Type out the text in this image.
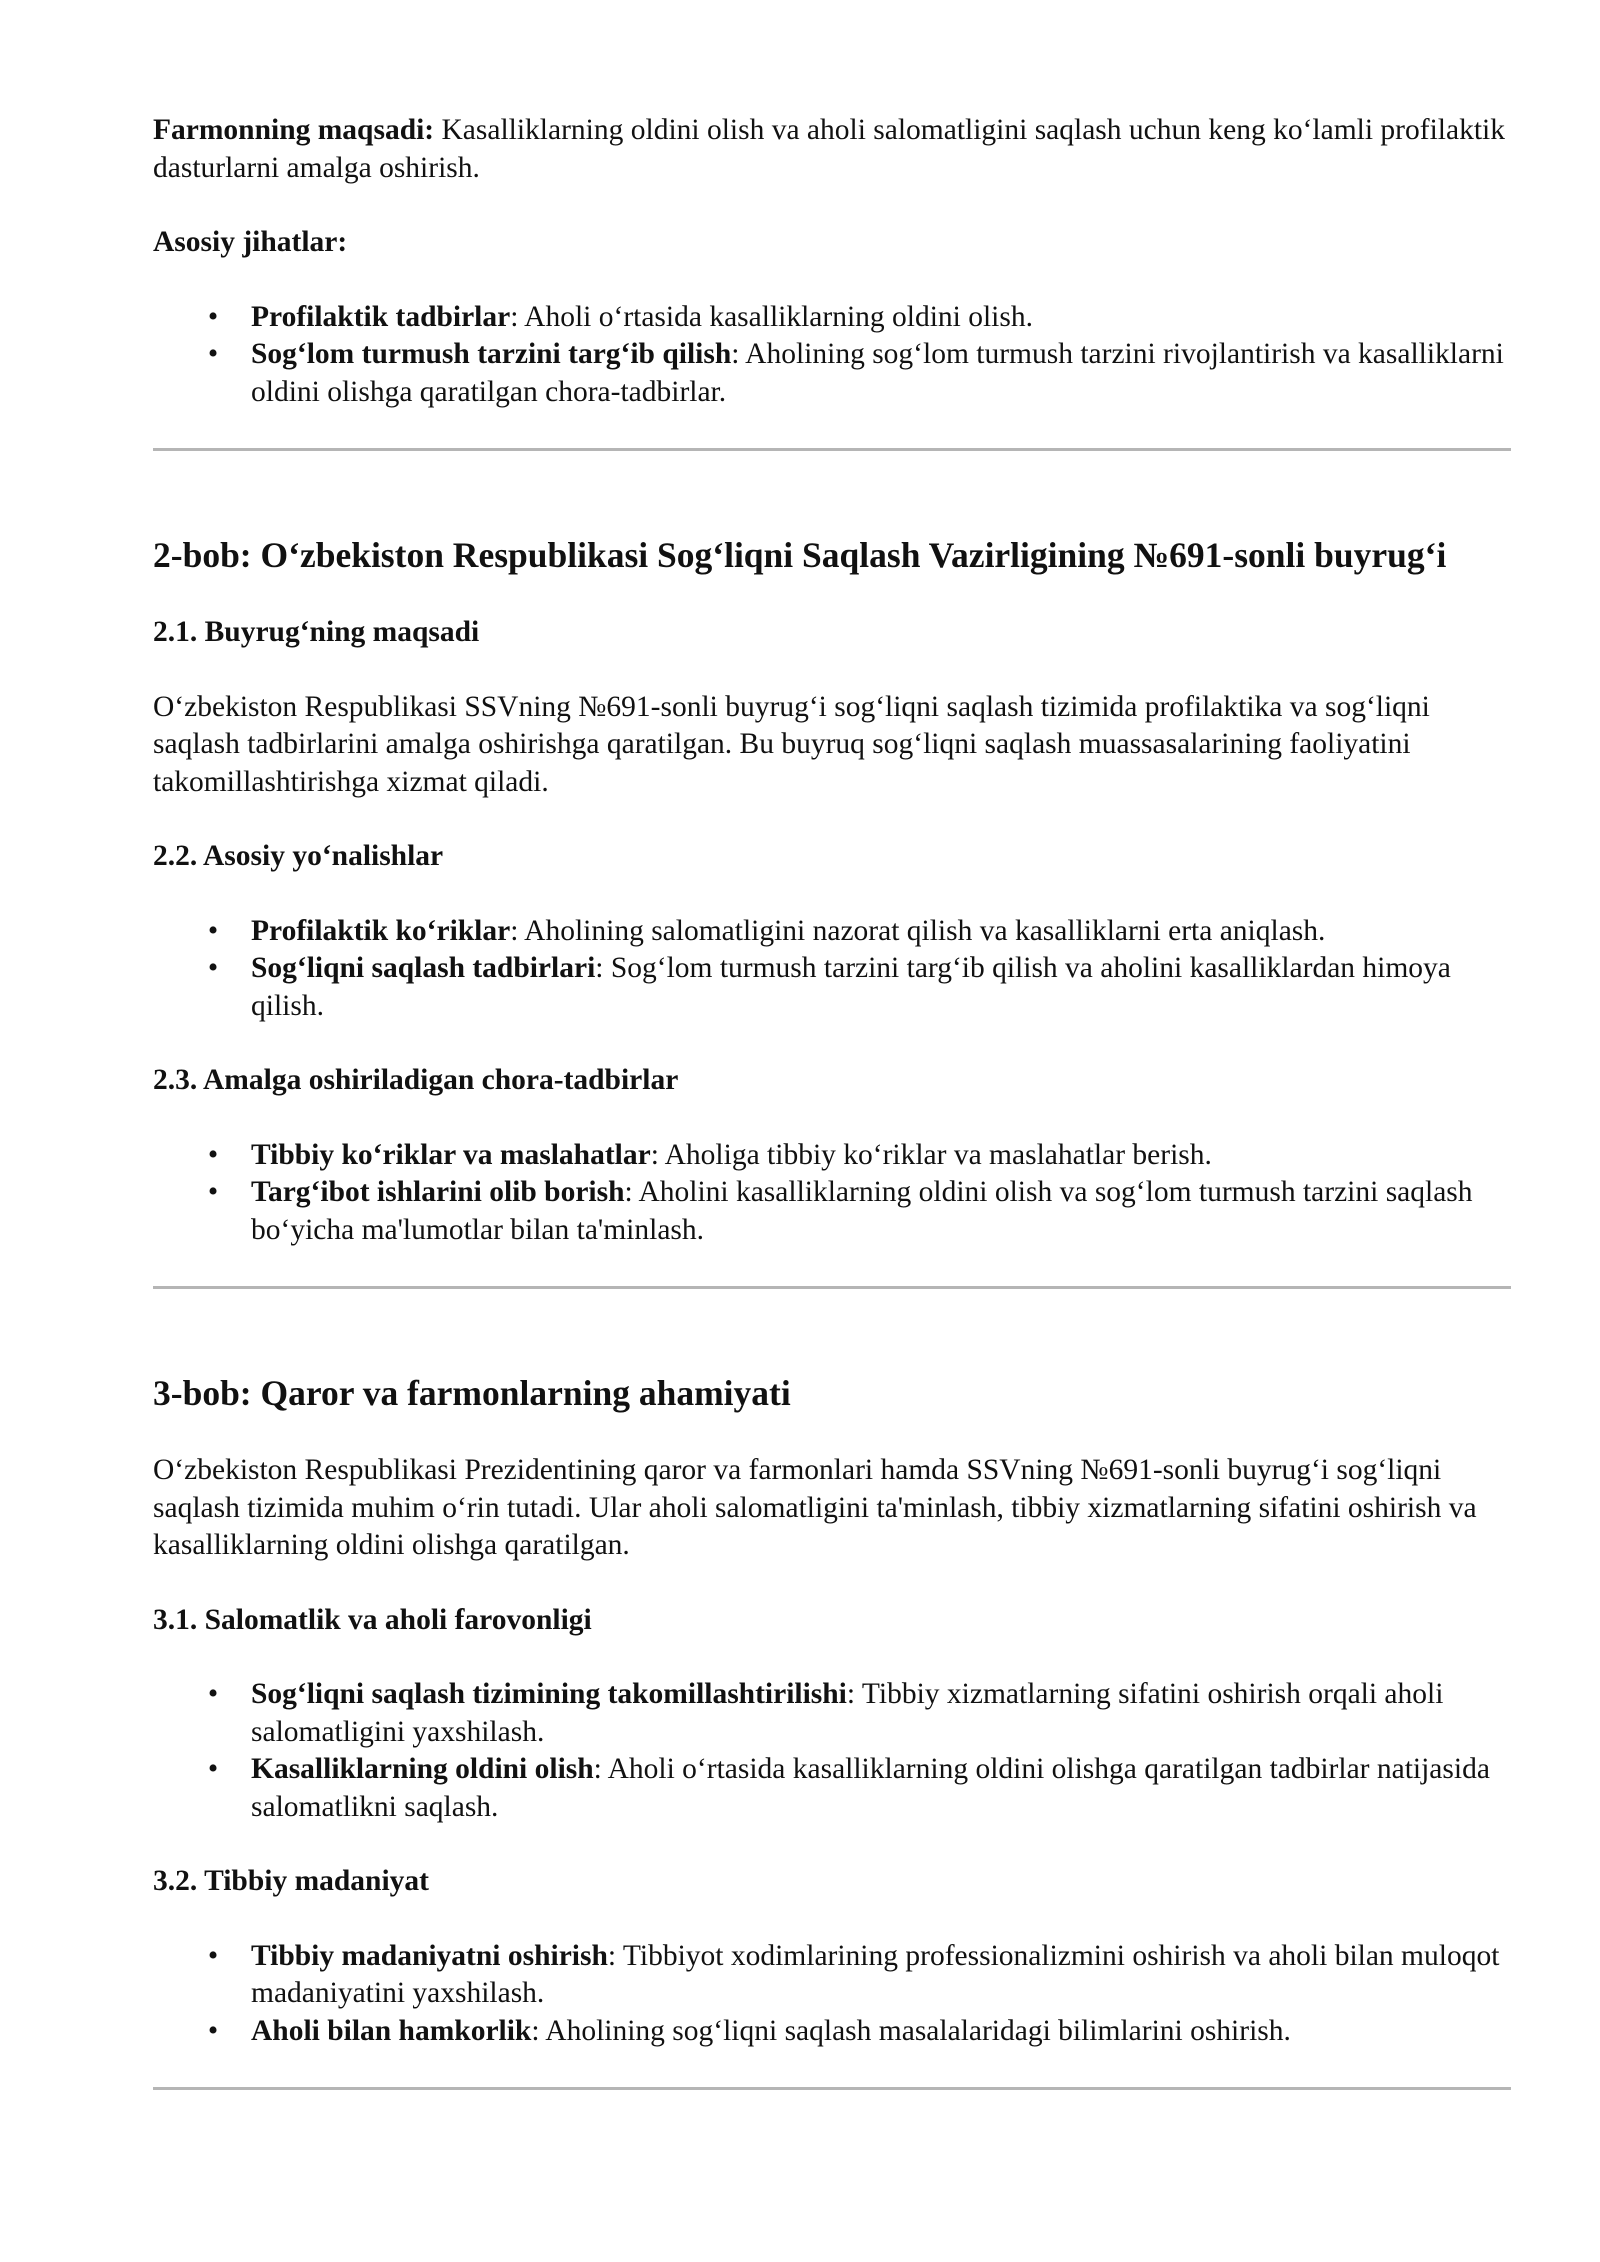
Farmonning maqsadi: Kasalliklarning oldini olish va aholi salomatligini saqlash uchun keng ko‘lamli profilaktik dasturlarni amalga oshirish.

Asosiy jihatlar:

• Profilaktik tadbirlar: Aholi o‘rtasida kasalliklarning oldini olish.
• Sog‘lom turmush tarzini targ‘ib qilish: Aholining sog‘lom turmush tarzini rivojlantirish va kasalliklarni oldini olishga qaratilgan chora-tadbirlar.
2-bob: O‘zbekiston Respublikasi Sog‘liqni Saqlash Vazirligining №691-sonli buyrug‘i
2.1. Buyrug‘ning maqsadi

O‘zbekiston Respublikasi SSVning №691-sonli buyrug‘i sog‘liqni saqlash tizimida profilaktika va sog‘liqni saqlash tadbirlarini amalga oshirishga qaratilgan. Bu buyruq sog‘liqni saqlash muassasalarining faoliyatini takomillashtirishga xizmat qiladi.

2.2. Asosiy yo‘nalishlar
• Profilaktik ko‘riklar: Aholining salomatligini nazorat qilish va kasalliklarni erta aniqlash.
• Sog‘liqni saqlash tadbirlari: Sog‘lom turmush tarzini targ‘ib qilish va aholini kasalliklardan himoya qilish.
2.3. Amalga oshiriladigan chora-tadbirlar
• Tibbiy ko‘riklar va maslahatlar: Aholiga tibbiy ko‘riklar va maslahatlar berish.
• Targ‘ibot ishlarini olib borish: Aholini kasalliklarning oldini olish va sog‘lom turmush tarzini saqlash bo‘yicha ma'lumotlar bilan ta'minlash.
3-bob: Qaror va farmonlarning ahamiyati

O‘zbekiston Respublikasi Prezidentining qaror va farmonlari hamda SSVning №691-sonli buyrug‘i sog‘liqni saqlash tizimida muhim o‘rin tutadi. Ular aholi salomatligini ta'minlash, tibbiy xizmatlarning sifatini oshirish va kasalliklarning oldini olishga qaratilgan.

3.1. Salomatlik va aholi farovonligi
• Sog‘liqni saqlash tizimining takomillashtirilishi: Tibbiy xizmatlarning sifatini oshirish orqali aholi salomatligini yaxshilash.
• Kasalliklarning oldini olish: Aholi o‘rtasida kasalliklarning oldini olishga qaratilgan tadbirlar natijasida salomatlikni saqlash.
3.2. Tibbiy madaniyat
• Tibbiy madaniyatni oshirish: Tibbiyot xodimlarining professionalizmini oshirish va aholi bilan muloqot madaniyatini yaxshilash.
• Aholi bilan hamkorlik: Aholining sog‘liqni saqlash masalalaridagi bilimlarini oshirish.
